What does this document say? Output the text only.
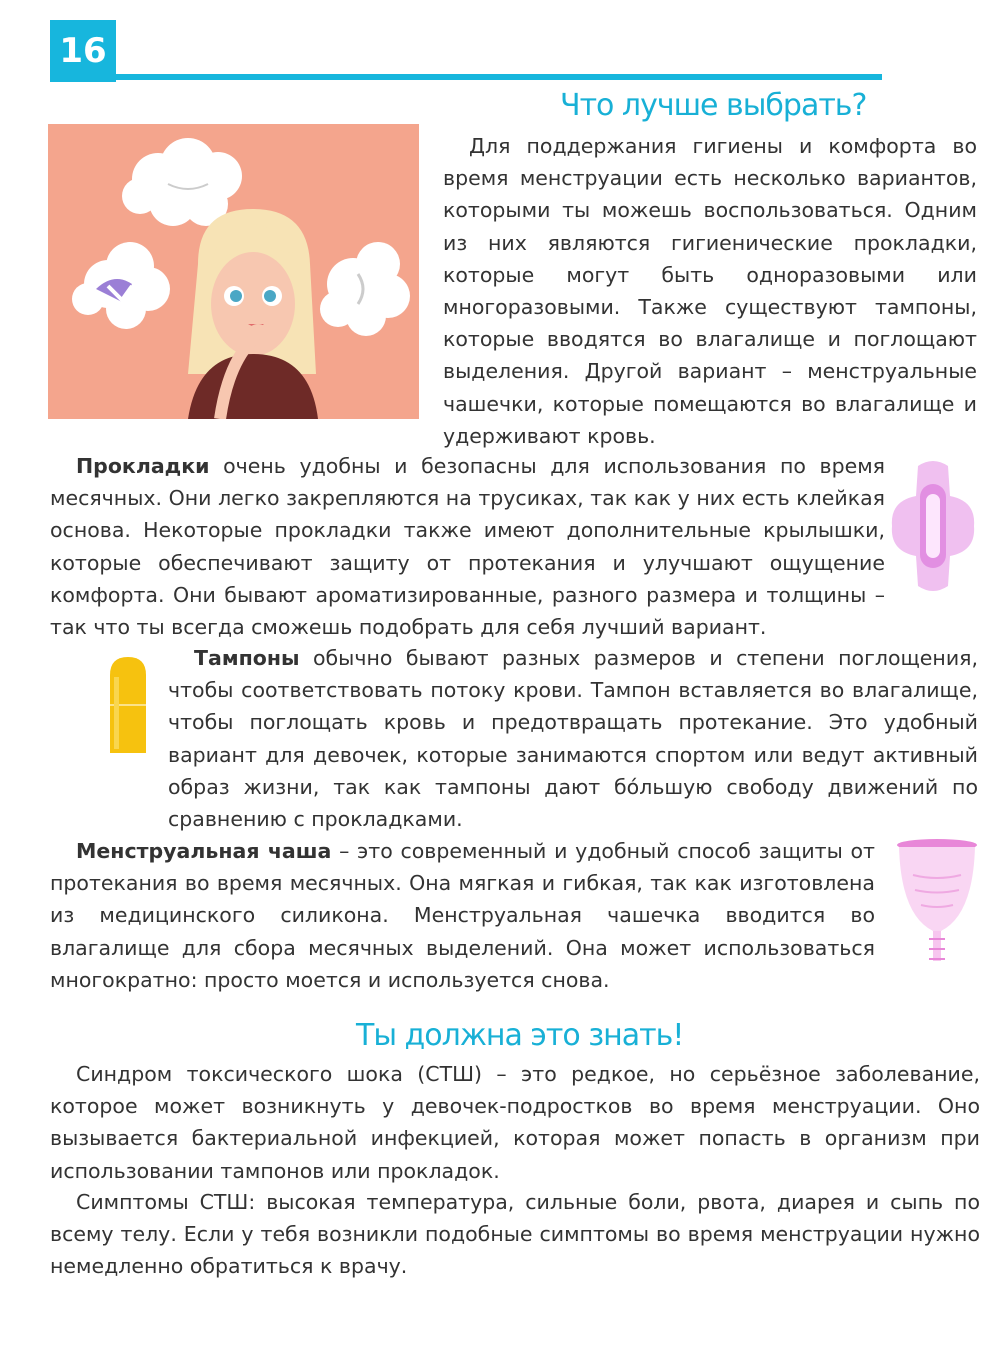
16
Что лучше выбрать?
Для поддержания гигиены и комфорта во время менструации есть несколько вариантов, которыми ты можешь воспользоваться. Одним из них являются гигиенические прокладки, которые могут быть одноразовыми или многоразовыми. Также существуют тампоны, которые вводятся во влагалище и поглощают выделения. Другой вариант – менструальные чашечки, которые помещаются во влагалище и удерживают кровь.
Прокладки очень удобны и безопасны для использования по время месячных. Они легко закрепляются на трусиках, так как у них есть клейкая основа. Некоторые прокладки также имеют дополнительные крылышки, которые обеспечивают защиту от протекания и улучшают ощущение комфорта. Они бывают ароматизированные, разного размера и толщины – так что ты всегда сможешь подобрать для себя лучший вариант.
Тампоны обычно бывают разных размеров и степени поглощения, чтобы соответствовать потоку крови. Тампон вставляется во влагалище, чтобы поглощать кровь и предотвращать протекание. Это удобный вариант для девочек, которые занимаются спортом или ведут активный образ жизни, так как тампоны дают бо́льшую свободу движений по сравнению с прокладками.
Менструальная чаша – это современный и удобный способ защиты от протекания во время месячных. Она мягкая и гибкая, так как изготовлена из медицинского силикона. Менструальная чашечка вводится во влагалище для сбора месячных выделений. Она может использоваться многократно: просто моется и используется снова.
Ты должна это знать!
Синдром токсического шока (СТШ) – это редкое, но серьёзное заболевание, которое может возникнуть у девочек-подростков во время менструации. Оно вызывается бактериальной инфекцией, которая может попасть в организм при использовании тампонов или прокладок.
Симптомы СТШ: высокая температура, сильные боли, рвота, диарея и сыпь по всему телу. Если у тебя возникли подобные симптомы во время менструации нужно немедленно обратиться к врачу.
